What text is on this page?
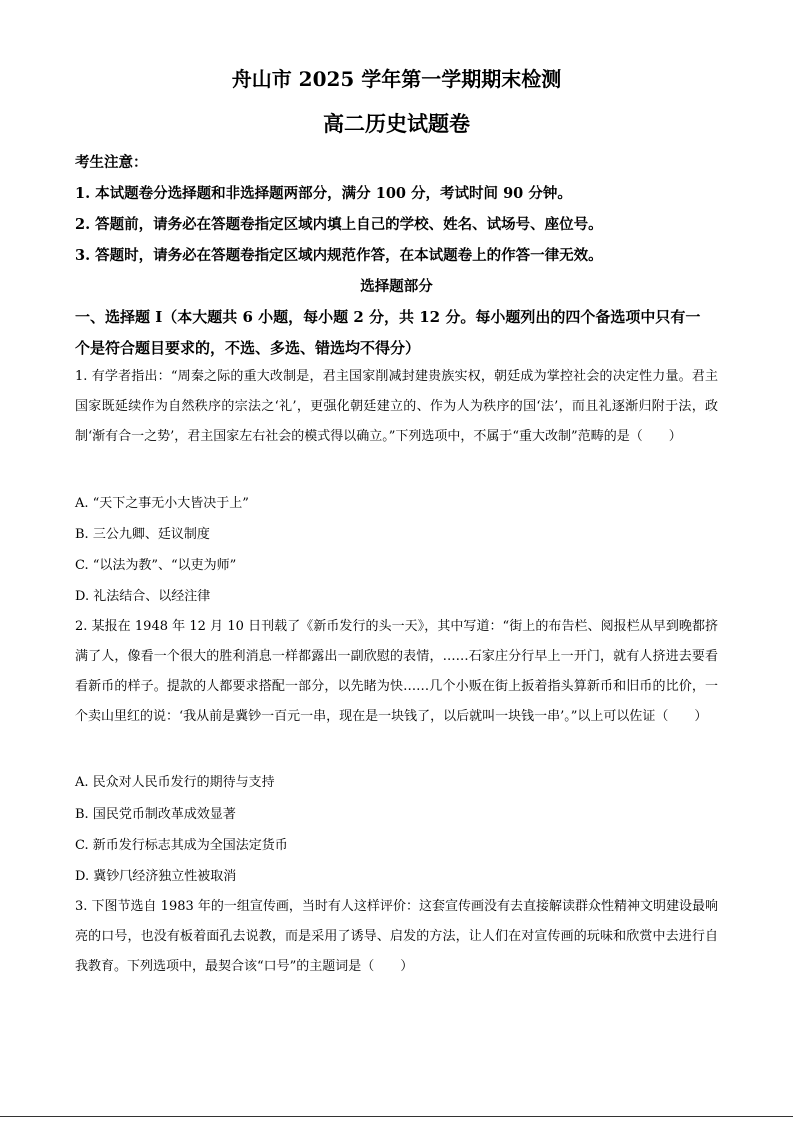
舟山市 2025 学年第一学期期末检测
高二历史试题卷
考生注意：
1. 本试题卷分选择题和非选择题两部分，满分 100 分，考试时间 90 分钟。
2. 答题前，请务必在答题卷指定区域内填上自己的学校、姓名、试场号、座位号。
3. 答题时，请务必在答题卷指定区域内规范作答，在本试题卷上的作答一律无效。
选择题部分
一、选择题 I（本大题共 6 小题，每小题 2 分，共 12 分。每小题列出的四个备选项中只有一
个是符合题目要求的，不选、多选、错选均不得分）
1. 有学者指出：“周秦之际的重大改制是，君主国家削减封建贵族实权，朝廷成为掌控社会的决定性力量。君主国家既延续作为自然秩序的宗法之‘礼’，更强化朝廷建立的、作为人为秩序的国‘法’，而且礼逐渐归附于法，政制‘渐有合一之势’，君主国家左右社会的模式得以确立。”下列选项中，不属于“重大改制”范畴的是（　　）
A. “天下之事无小大皆决于上”
B. 三公九卿、廷议制度
C. “以法为教”、“以吏为师”
D. 礼法结合、以经注律
2. 某报在 1948 年 12 月 10 日刊载了《新币发行的头一天》，其中写道：“街上的布告栏、阅报栏从早到晚都挤满了人，像看一个很大的胜利消息一样都露出一副欣慰的表情，……石家庄分行早上一开门，就有人挤进去要看看新币的样子。提款的人都要求搭配一部分，以先睹为快……几个小贩在街上扳着指头算新币和旧币的比价，一个卖山里红的说：‘我从前是冀钞一百元一串，现在是一块钱了，以后就叫一块钱一串’。”以上可以佐证（　　）
A. 民众对人民币发行的期待与支持
B. 国民党币制改革成效显著
C. 新币发行标志其成为全国法定货币
D. 冀钞⺇经济独立性被取消
3. 下图节选自 1983 年的一组宣传画，当时有人这样评价：这套宣传画没有去直接解读群众性精神文明建设最响亮的口号，也没有板着面孔去说教，而是采用了诱导、启发的方法，让人们在对宣传画的玩味和欣赏中去进行自我教育。下列选项中，最契合该“口号”的主题词是（　　）
